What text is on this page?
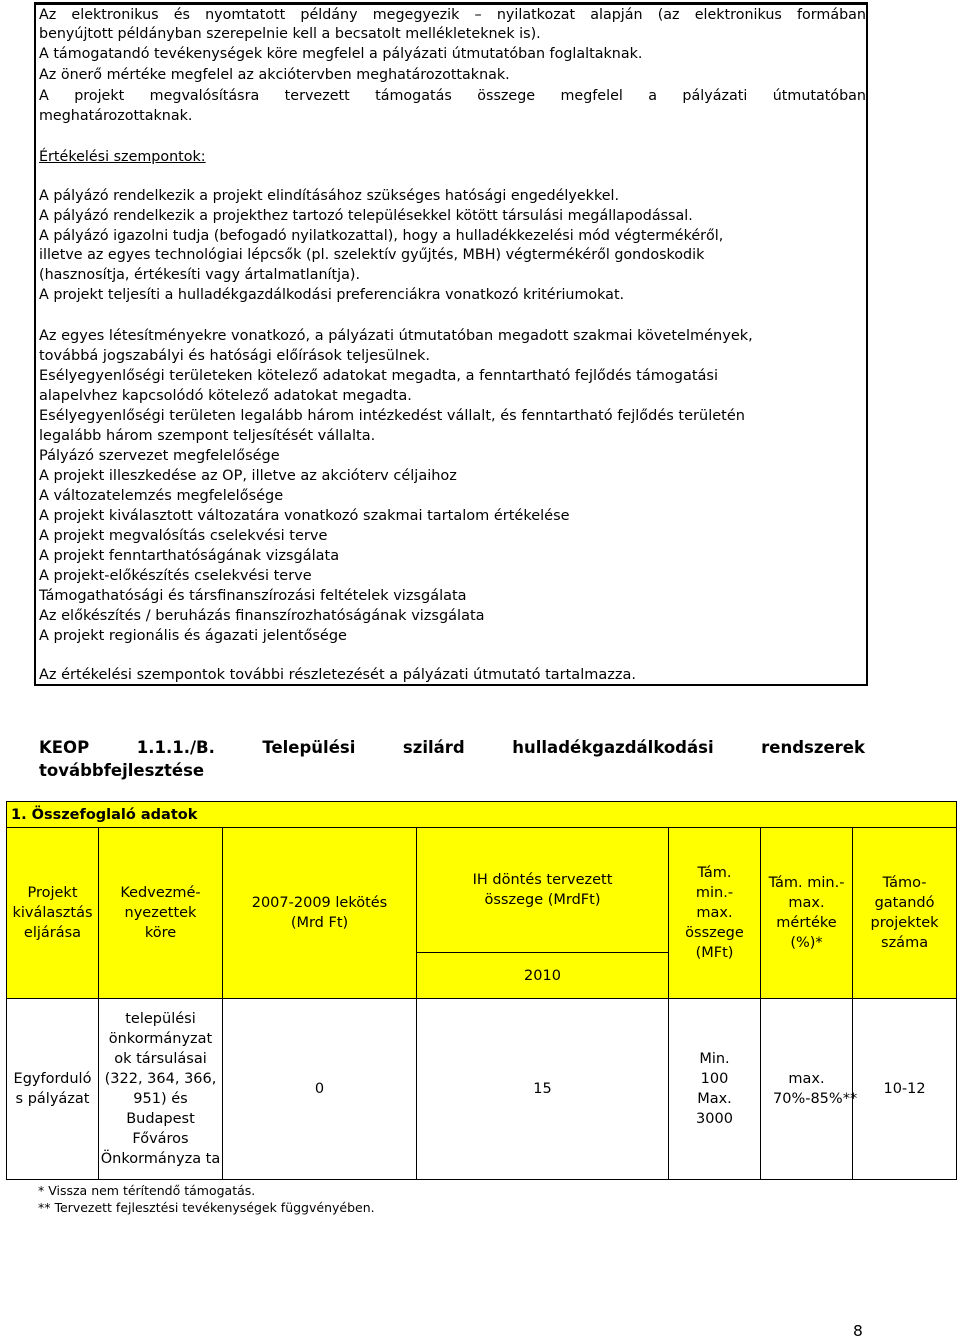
Az elektronikus és nyomtatott példány megegyezik – nyilatkozat alapján (az elektronikus formában

benyújtott példányban szerepelnie kell a becsatolt mellékleteknek is).

A támogatandó tevékenységek köre megfelel a pályázati útmutatóban foglaltaknak.

Az önerő mértéke megfelel az akciótervben meghatározottaknak.

A projekt megvalósításra tervezett támogatás összege megfelel a pályázati útmutatóban

meghatározottaknak.

Értékelési szempontok:

A pályázó rendelkezik a projekt elindításához szükséges hatósági engedélyekkel.

A pályázó rendelkezik a projekthez tartozó településekkel kötött társulási megállapodással.

A pályázó igazolni tudja (befogadó nyilatkozattal), hogy a hulladékkezelési mód végtermékéről,

illetve az egyes technológiai lépcsők (pl. szelektív gyűjtés, MBH) végtermékéről gondoskodik

(hasznosítja, értékesíti vagy ártalmatlanítja).

A projekt teljesíti a hulladékgazdálkodási preferenciákra vonatkozó kritériumokat.

Az egyes létesítményekre vonatkozó, a pályázati útmutatóban megadott szakmai követelmények,

továbbá jogszabályi és hatósági előírások teljesülnek.

Esélyegyenlőségi területeken kötelező adatokat megadta, a fenntartható fejlődés támogatási

alapelvhez kapcsolódó kötelező adatokat megadta.

Esélyegyenlőségi területen legalább három intézkedést vállalt, és fenntartható fejlődés területén

legalább három szempont teljesítését vállalta.

Pályázó szervezet megfelelősége

A projekt illeszkedése az OP, illetve az akcióterv céljaihoz

A változatelemzés megfelelősége

A projekt kiválasztott változatára vonatkozó szakmai tartalom értékelése

A projekt megvalósítás cselekvési terve

A projekt fenntarthatóságának vizsgálata

A projekt-előkészítés cselekvési terve

Támogathatósági és társfinanszírozási feltételek vizsgálata

Az előkészítés / beruházás finanszírozhatóságának vizsgálata

A projekt regionális és ágazati jelentősége

Az értékelési szempontok további részletezését a pályázati útmutató tartalmazza.

KEOP	1.1.1./B.	Települési	szilárd	hulladékgazdálkodási	rendszerek
továbbfejlesztése
1. Összefoglaló adatok						
Projekt kiválasztás eljárása	Kedvezmé-nyezettek köre	2007-2009 lekötés (Mrd Ft)	IH döntés tervezett összege (MrdFt)	Tám. min.-max. összege (MFt)	Tám. min.-max. mértéke (%)*	Támo-gatandó projektek száma
			2010			
Egyforduló s pályázat	települési önkormányzat ok társulásai (322, 364, 366, 951) és Budapest Főváros Önkormányza ta	0	15	Min. 100 Max. 3000	max. 70%-85%**	10-12
* Vissza nem térítendő támogatás.
** Tervezett fejlesztési tevékenységek függvényében.
8
